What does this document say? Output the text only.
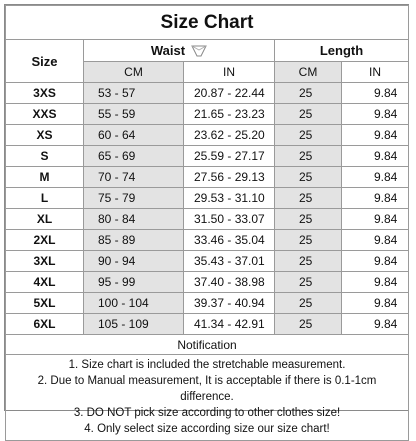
Size Chart				
Size	Waist		Length	
	CM	IN	CM	IN
3XS	53 - 57	20.87 - 22.44	25	9.84
XXS	55 - 59	21.65 - 23.23	25	9.84
XS	60 - 64	23.62 - 25.20	25	9.84
S	65 - 69	25.59 - 27.17	25	9.84
M	70 - 74	27.56 - 29.13	25	9.84
L	75 - 79	29.53 - 31.10	25	9.84
XL	80 - 84	31.50 - 33.07	25	9.84
2XL	85 - 89	33.46 - 35.04	25	9.84
3XL	90 - 94	35.43 - 37.01	25	9.84
4XL	95 - 99	37.40 - 38.98	25	9.84
5XL	100 - 104	39.37 - 40.94	25	9.84
6XL	105 - 109	41.34 - 42.91	25	9.84
Notification				

1. Size chart is included the stretchable measurement.
2. Due to Manual measurement, It is acceptable if there is 0.1-1cm
difference.
3. DO NOT pick size according to other clothes size!
4. Only select size according size our size chart!				
